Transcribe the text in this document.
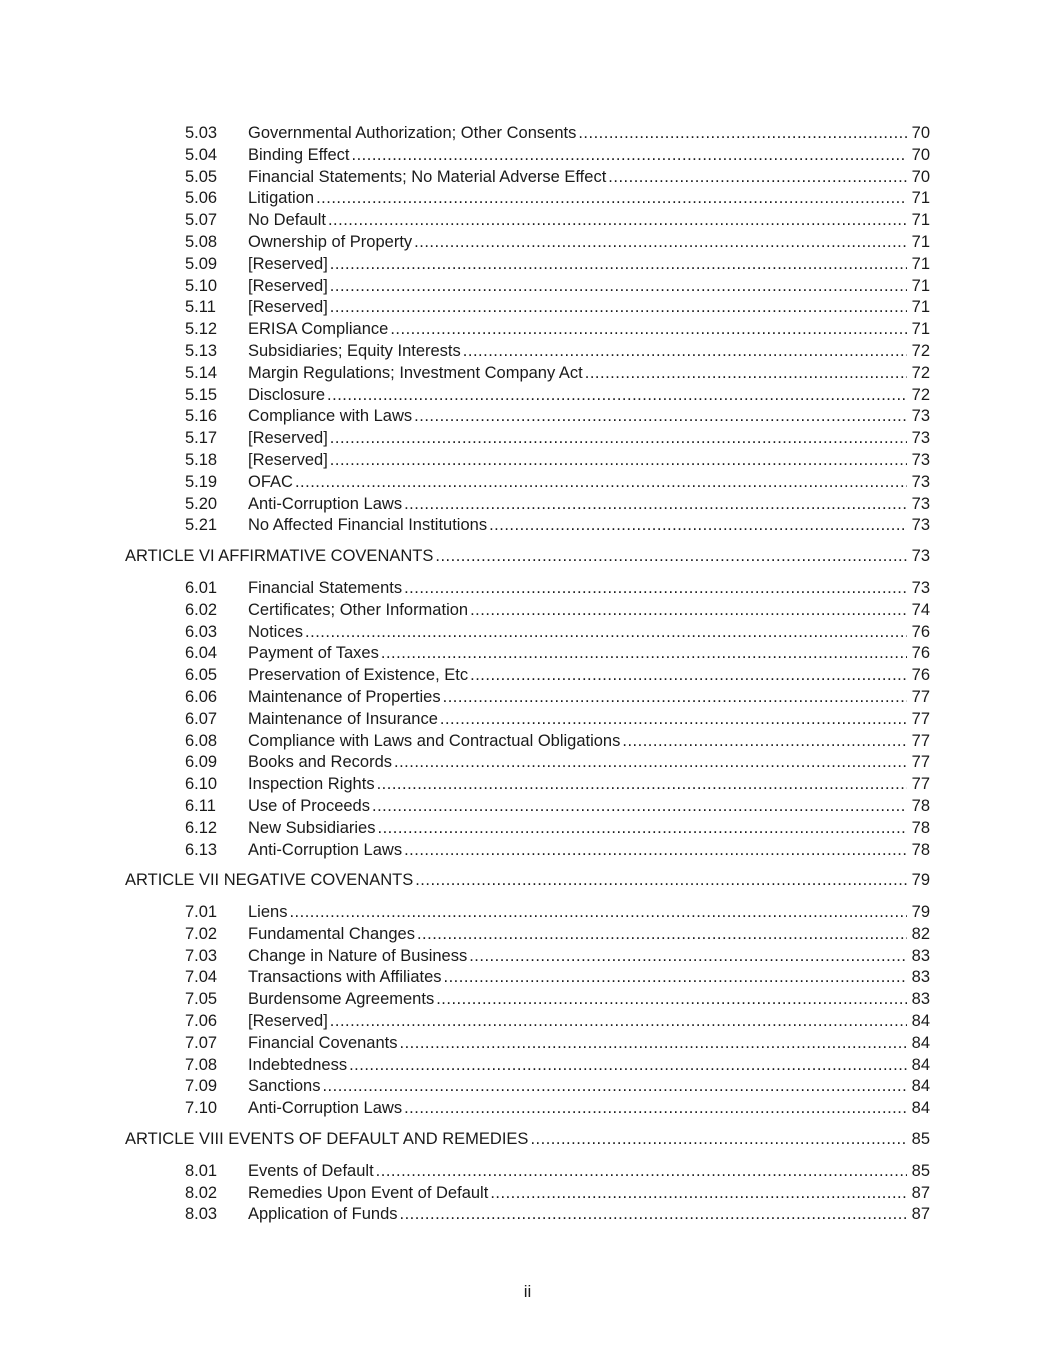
5.03	Governmental Authorization; Other Consents .....	70
5.04	Binding Effect .....	70
5.05	Financial Statements; No Material Adverse Effect .....	70
5.06	Litigation .....	71
5.07	No Default .....	71
5.08	Ownership of Property .....	71
5.09	[Reserved] .....	71
5.10	[Reserved] .....	71
5.11	[Reserved] .....	71
5.12	ERISA Compliance .....	71
5.13	Subsidiaries; Equity Interests .....	72
5.14	Margin Regulations; Investment Company Act .....	72
5.15	Disclosure .....	72
5.16	Compliance with Laws .....	73
5.17	[Reserved] .....	73
5.18	[Reserved] .....	73
5.19	OFAC .....	73
5.20	Anti-Corruption Laws .....	73
5.21	No Affected Financial Institutions .....	73
ARTICLE VI AFFIRMATIVE COVENANTS .....	73
6.01	Financial Statements .....	73
6.02	Certificates; Other Information .....	74
6.03	Notices .....	76
6.04	Payment of Taxes .....	76
6.05	Preservation of Existence, Etc .....	76
6.06	Maintenance of Properties .....	77
6.07	Maintenance of Insurance .....	77
6.08	Compliance with Laws and Contractual Obligations .....	77
6.09	Books and Records .....	77
6.10	Inspection Rights .....	77
6.11	Use of Proceeds .....	78
6.12	New Subsidiaries .....	78
6.13	Anti-Corruption Laws .....	78
ARTICLE VII NEGATIVE COVENANTS .....	79
7.01	Liens .....	79
7.02	Fundamental Changes .....	82
7.03	Change in Nature of Business .....	83
7.04	Transactions with Affiliates .....	83
7.05	Burdensome Agreements .....	83
7.06	[Reserved] .....	84
7.07	Financial Covenants .....	84
7.08	Indebtedness .....	84
7.09	Sanctions .....	84
7.10	Anti-Corruption Laws .....	84
ARTICLE VIII EVENTS OF DEFAULT AND REMEDIES .....	85
8.01	Events of Default .....	85
8.02	Remedies Upon Event of Default .....	87
8.03	Application of Funds .....	87
ii
